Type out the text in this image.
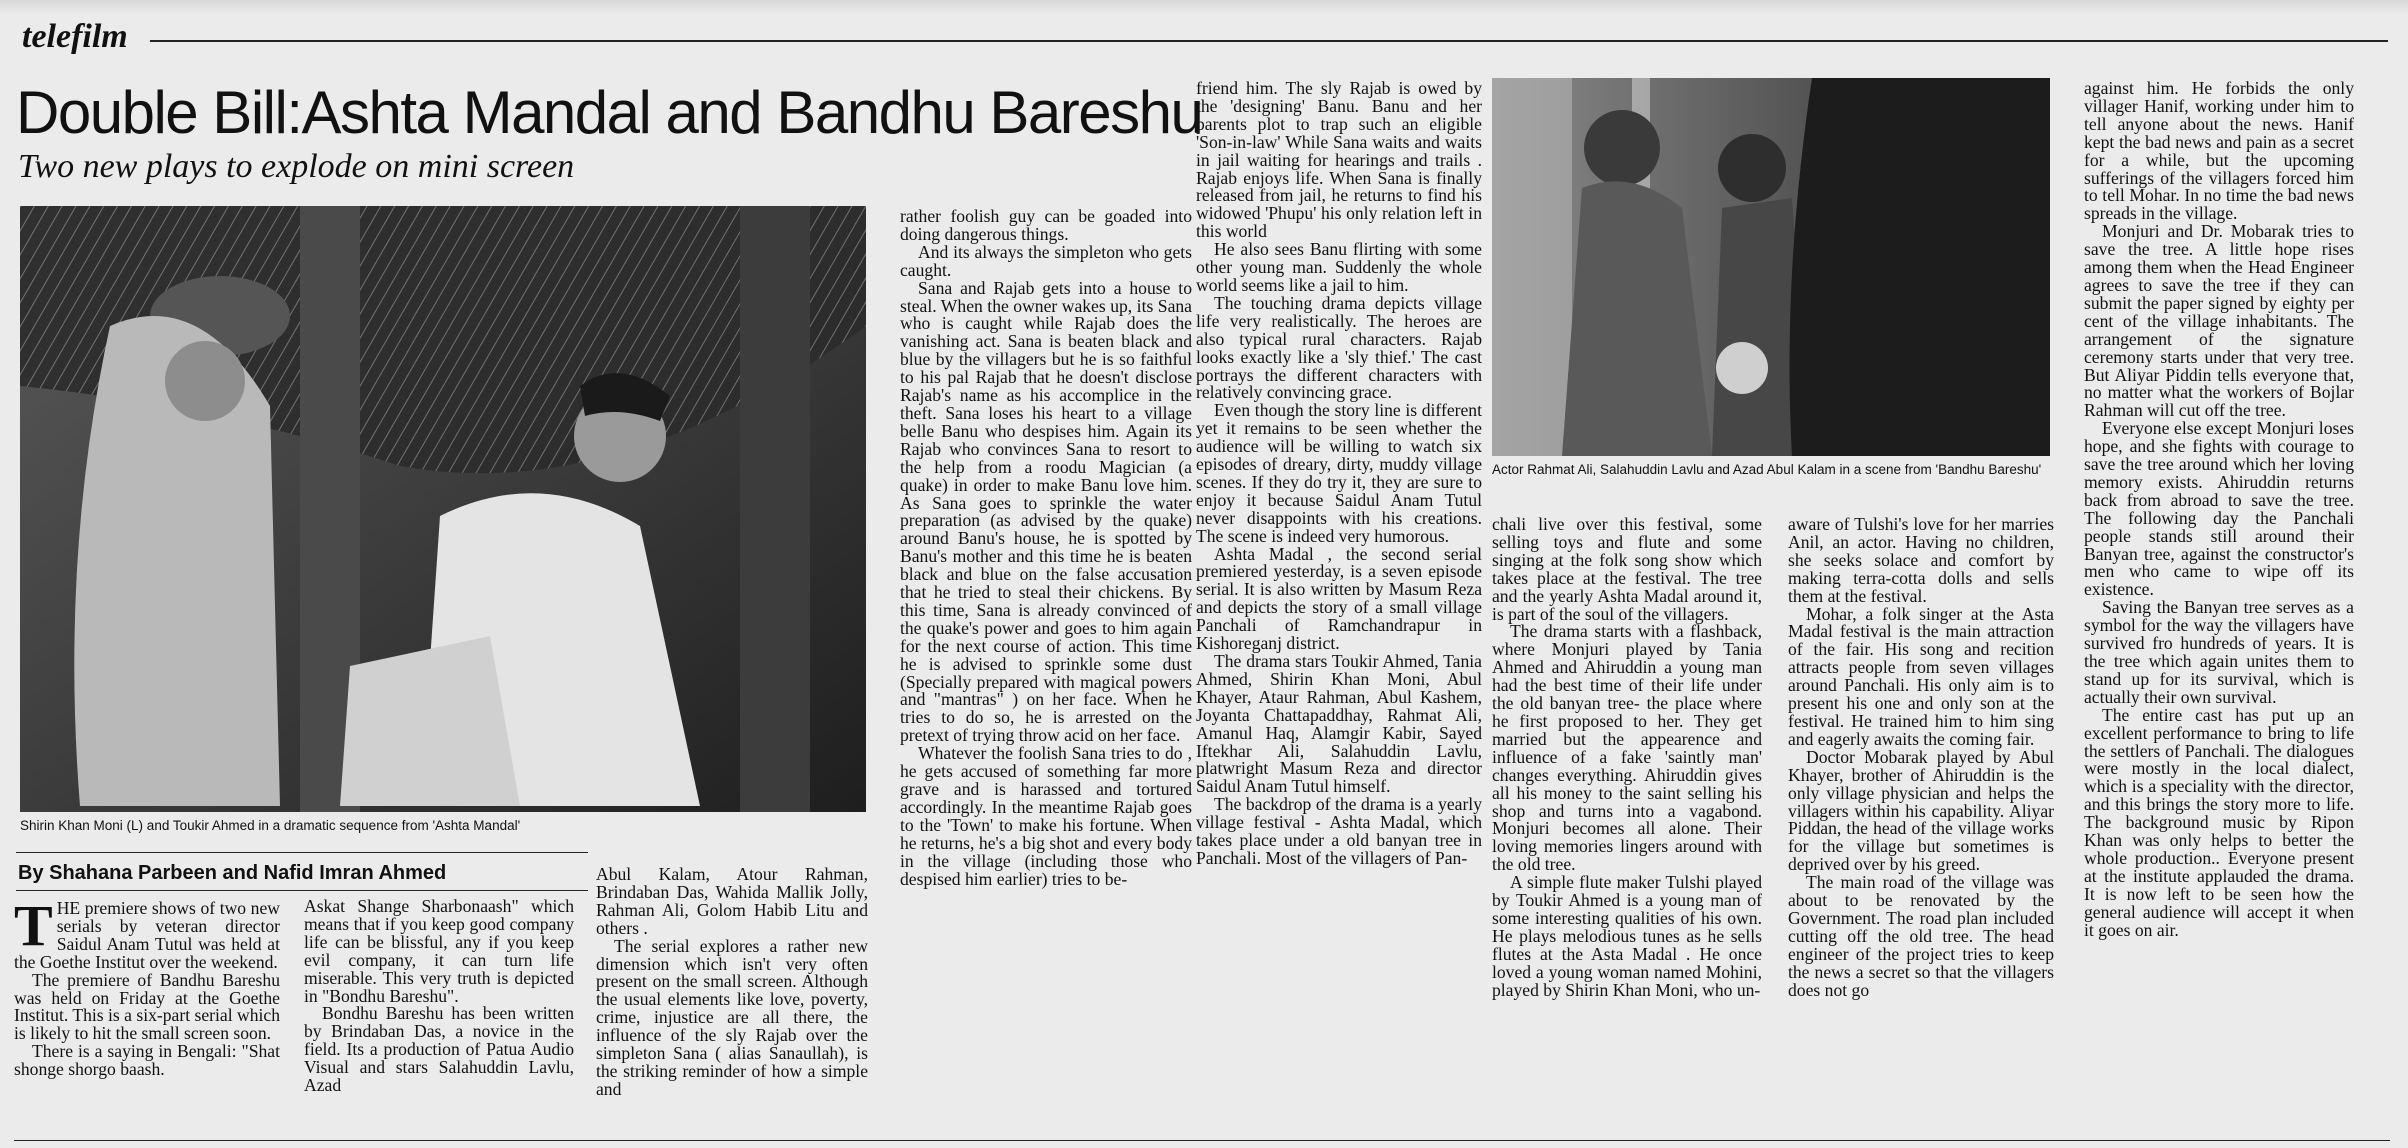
telefilm
Double Bill:Ashta Mandal and Bandhu Bareshu
Two new plays to explode on mini screen
Shirin Khan Moni (L) and Toukir Ahmed in a dramatic sequence from 'Ashta Mandal'
By Shahana Parbeen and Nafid Imran Ahmed
Actor Rahmat Ali, Salahuddin Lavlu and Azad Abul Kalam in a scene from 'Bandhu Bareshu'

THE premiere shows of two new serials by veteran director Saidul Anam Tutul was held at the Goethe Institut over the weekend.

The premiere of Bandhu Bareshu was held on Friday at the Goethe Institut. This is a six-part serial which is likely to hit the small screen soon.

There is a saying in Bengali: "Shat shonge shorgo baash.

Askat Shange Sharbonaash" which means that if you keep good company life can be blissful, any if you keep evil company, it can turn life miserable. This very truth is depicted in "Bondhu Bareshu".

Bondhu Bareshu has been written by Brindaban Das, a novice in the field. Its a production of Patua Audio Visual and stars Salahuddin Lavlu, Azad

Abul Kalam, Atour Rahman, Brindaban Das, Wahida Mallik Jolly, Rahman Ali, Golom Habib Litu and others .

The serial explores a rather new dimension which isn't very often present on the small screen. Although the usual elements like love, poverty, crime, injustice are all there, the influence of the sly Rajab over the simpleton Sana ( alias Sanaullah), is the striking reminder of how a simple and

rather foolish guy can be goaded into doing dangerous things.

And its always the simpleton who gets caught.

Sana and Rajab gets into a house to steal. When the owner wakes up, its Sana who is caught while Rajab does the vanishing act. Sana is beaten black and blue by the villagers but he is so faithful to his pal Rajab that he doesn't disclose Rajab's name as his accomplice in the theft. Sana loses his heart to a village belle Banu who despises him. Again its Rajab who convinces Sana to resort to the help from a roodu Magician (a quake) in order to make Banu love him. As Sana goes to sprinkle the water preparation (as advised by the quake) around Banu's house, he is spotted by Banu's mother and this time he is beaten black and blue on the false accusation that he tried to steal their chickens. By this time, Sana is already convinced of the quake's power and goes to him again for the next course of action. This time he is advised to sprinkle some dust (Specially prepared with magical powers and "mantras" ) on her face. When he tries to do so, he is arrested on the pretext of trying throw acid on her face.

Whatever the foolish Sana tries to do , he gets accused of something far more grave and is harassed and tortured accordingly. In the meantime Rajab goes to the 'Town' to make his fortune. When he returns, he's a big shot and every body in the village (including those who despised him earlier) tries to be-

friend him. The sly Rajab is owed by the 'designing' Banu. Banu and her parents plot to trap such an eligible 'Son-in-law' While Sana waits and waits in jail waiting for hearings and trails . Rajab enjoys life. When Sana is finally released from jail, he returns to find his widowed 'Phupu' his only relation left in this world

He also sees Banu flirting with some other young man. Suddenly the whole world seems like a jail to him.

The touching drama depicts village life very realistically. The heroes are also typical rural characters. Rajab looks exactly like a 'sly thief.' The cast portrays the different characters with relatively convincing grace.

Even though the story line is different yet it remains to be seen whether the audience will be willing to watch six episodes of dreary, dirty, muddy village scenes. If they do try it, they are sure to enjoy it because Saidul Anam Tutul never disappoints with his creations. The scene is indeed very humorous.

Ashta Madal , the second serial premiered yesterday, is a seven episode serial. It is also written by Masum Reza and depicts the story of a small village Panchali of Ramchandrapur in Kishoreganj district.

The drama stars Toukir Ahmed, Tania Ahmed, Shirin Khan Moni, Abul Khayer, Ataur Rahman, Abul Kashem, Joyanta Chattapaddhay, Rahmat Ali, Amanul Haq, Alamgir Kabir, Sayed Iftekhar Ali, Salahuddin Lavlu, platwright Masum Reza and director Saidul Anam Tutul himself.

The backdrop of the drama is a yearly village festival - Ashta Madal, which takes place under a old banyan tree in Panchali. Most of the villagers of Pan-

chali live over this festival, some selling toys and flute and some singing at the folk song show which takes place at the festival. The tree and the yearly Ashta Madal around it, is part of the soul of the villagers.

The drama starts with a flashback, where Monjuri played by Tania Ahmed and Ahiruddin a young man had the best time of their life under the old banyan tree- the place where he first proposed to her. They get married but the appearence and influence of a fake 'saintly man' changes everything. Ahiruddin gives all his money to the saint selling his shop and turns into a vagabond. Monjuri becomes all alone. Their loving memories lingers around with the old tree.

A simple flute maker Tulshi played by Toukir Ahmed is a young man of some interesting qualities of his own. He plays melodious tunes as he sells flutes at the Asta Madal . He once loved a young woman named Mohini, played by Shirin Khan Moni, who un-

aware of Tulshi's love for her marries Anil, an actor. Having no children, she seeks solace and comfort by making terra-cotta dolls and sells them at the festival.

Mohar, a folk singer at the Asta Madal festival is the main attraction of the fair. His song and recition attracts people from seven villages around Panchali. His only aim is to present his one and only son at the festival. He trained him to him sing and eagerly awaits the coming fair.

Doctor Mobarak played by Abul Khayer, brother of Ahiruddin is the only village physician and helps the villagers within his capability. Aliyar Piddan, the head of the village works for the village but sometimes is deprived over by his greed.

The main road of the village was about to be renovated by the Government. The road plan included cutting off the old tree. The head engineer of the project tries to keep the news a secret so that the villagers does not go

against him. He forbids the only villager Hanif, working under him to tell anyone about the news. Hanif kept the bad news and pain as a secret for a while, but the upcoming sufferings of the villagers forced him to tell Mohar. In no time the bad news spreads in the village.

Monjuri and Dr. Mobarak tries to save the tree. A little hope rises among them when the Head Engineer agrees to save the tree if they can submit the paper signed by eighty per cent of the village inhabitants. The arrangement of the signature ceremony starts under that very tree. But Aliyar Piddin tells everyone that, no matter what the workers of Bojlar Rahman will cut off the tree.

Everyone else except Monjuri loses hope, and she fights with courage to save the tree around which her loving memory exists. Ahiruddin returns back from abroad to save the tree. The following day the Panchali people stands still around their Banyan tree, against the constructor's men who came to wipe off its existence.

Saving the Banyan tree serves as a symbol for the way the villagers have survived fro hundreds of years. It is the tree which again unites them to stand up for its survival, which is actually their own survival.

The entire cast has put up an excellent performance to bring to life the settlers of Panchali. The dialogues were mostly in the local dialect, which is a speciality with the director, and this brings the story more to life. The background music by Ripon Khan was only helps to better the whole production.. Everyone present at the institute applauded the drama. It is now left to be seen how the general audience will accept it when it goes on air.
